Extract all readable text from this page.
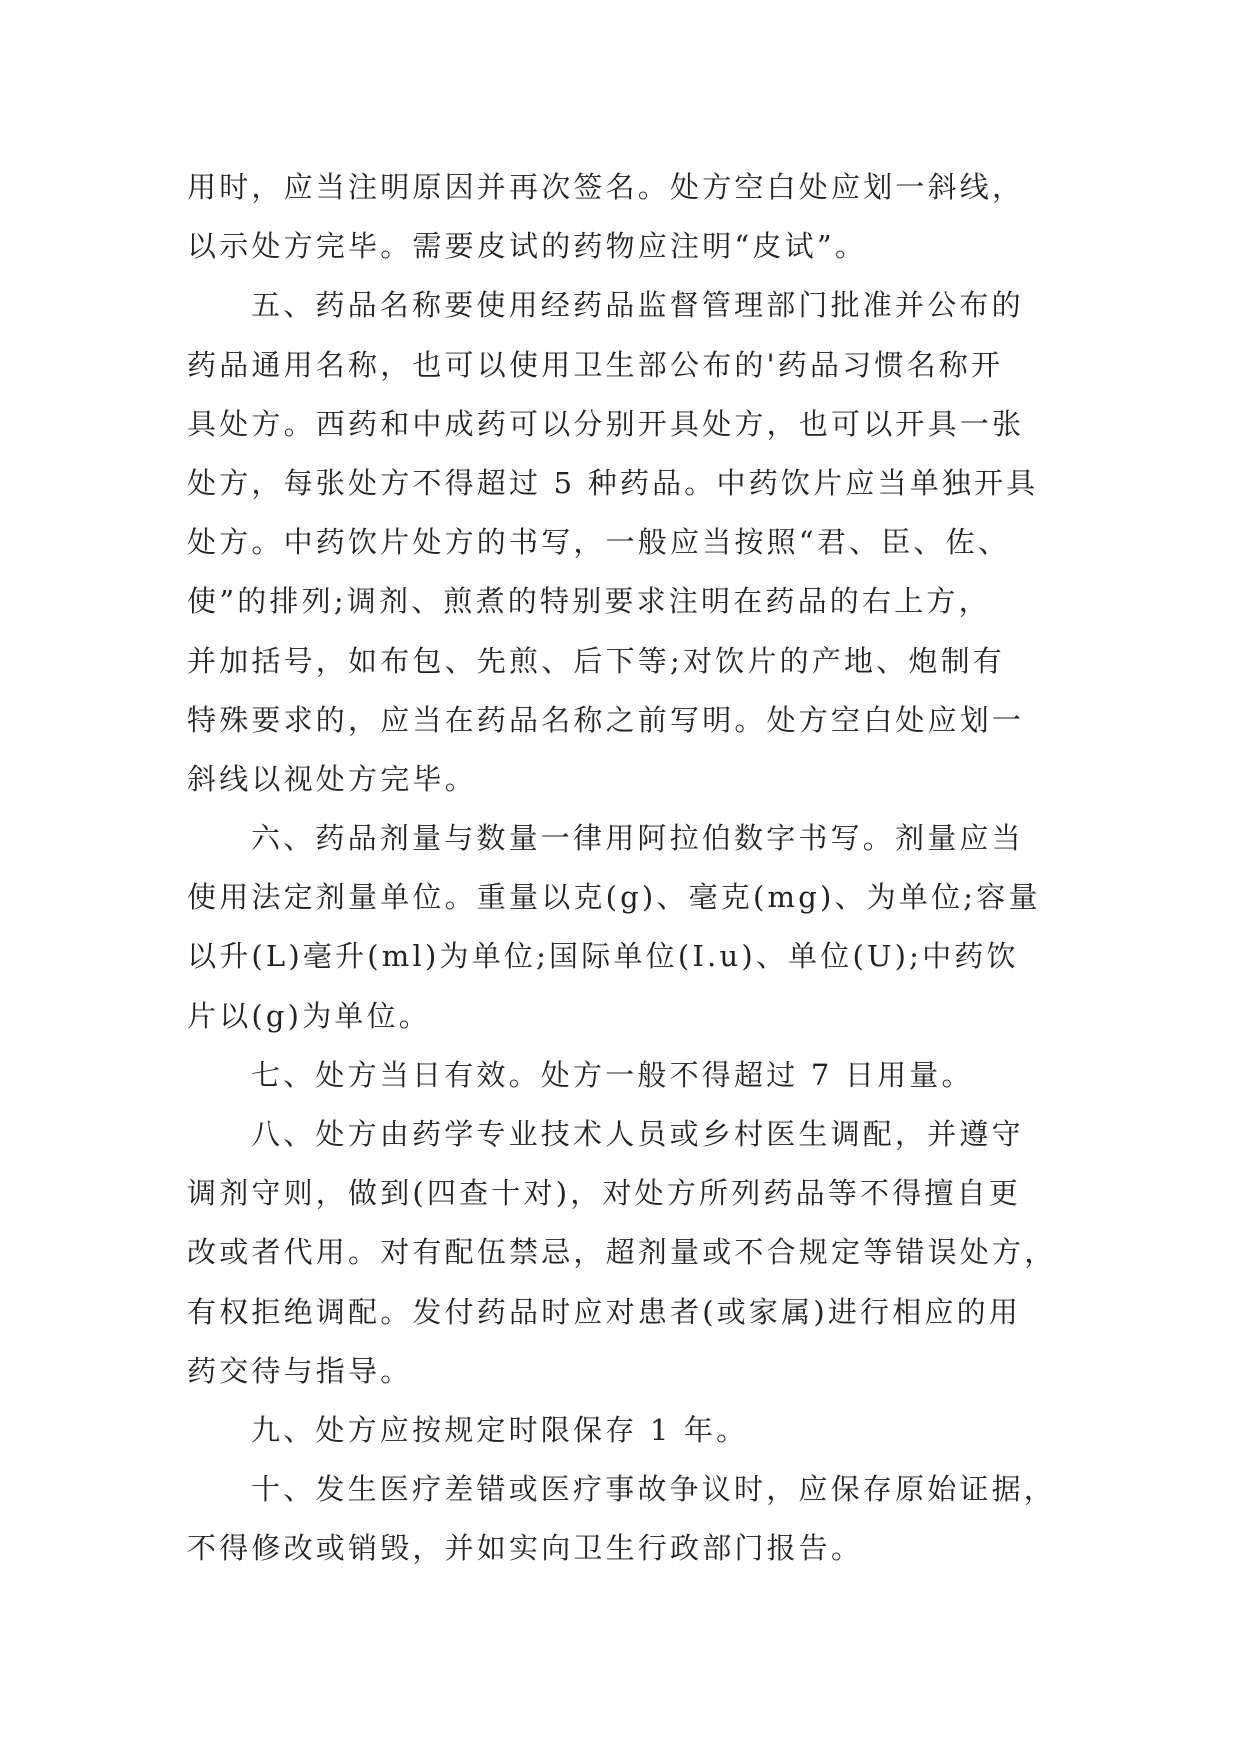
用时，应当注明原因并再次签名。处方空白处应划一斜线，
以示处方完毕。需要皮试的药物应注明“皮试”。
五、药品名称要使用经药品监督管理部门批准并公布的
药品通用名称，也可以使用卫生部公布的'药品习惯名称开
具处方。西药和中成药可以分别开具处方，也可以开具一张
处方，每张处方不得超过 5 种药品。中药饮片应当单独开具
处方。中药饮片处方的书写，一般应当按照“君、臣、佐、
使”的排列;调剂、煎煮的特别要求注明在药品的右上方，
并加括号，如布包、先煎、后下等;对饮片的产地、炮制有
特殊要求的，应当在药品名称之前写明。处方空白处应划一
斜线以视处方完毕。
六、药品剂量与数量一律用阿拉伯数字书写。剂量应当
使用法定剂量单位。重量以克(g)、毫克(mg)、为单位;容量
以升(L)毫升(ml)为单位;国际单位(I.u)、单位(U);中药饮
片以(g)为单位。
七、处方当日有效。处方一般不得超过 7 日用量。
八、处方由药学专业技术人员或乡村医生调配，并遵守
调剂守则，做到(四查十对)，对处方所列药品等不得擅自更
改或者代用。对有配伍禁忌，超剂量或不合规定等错误处方，
有权拒绝调配。发付药品时应对患者(或家属)进行相应的用
药交待与指导。
九、处方应按规定时限保存 1 年。
十、发生医疗差错或医疗事故争议时，应保存原始证据，
不得修改或销毁，并如实向卫生行政部门报告。
